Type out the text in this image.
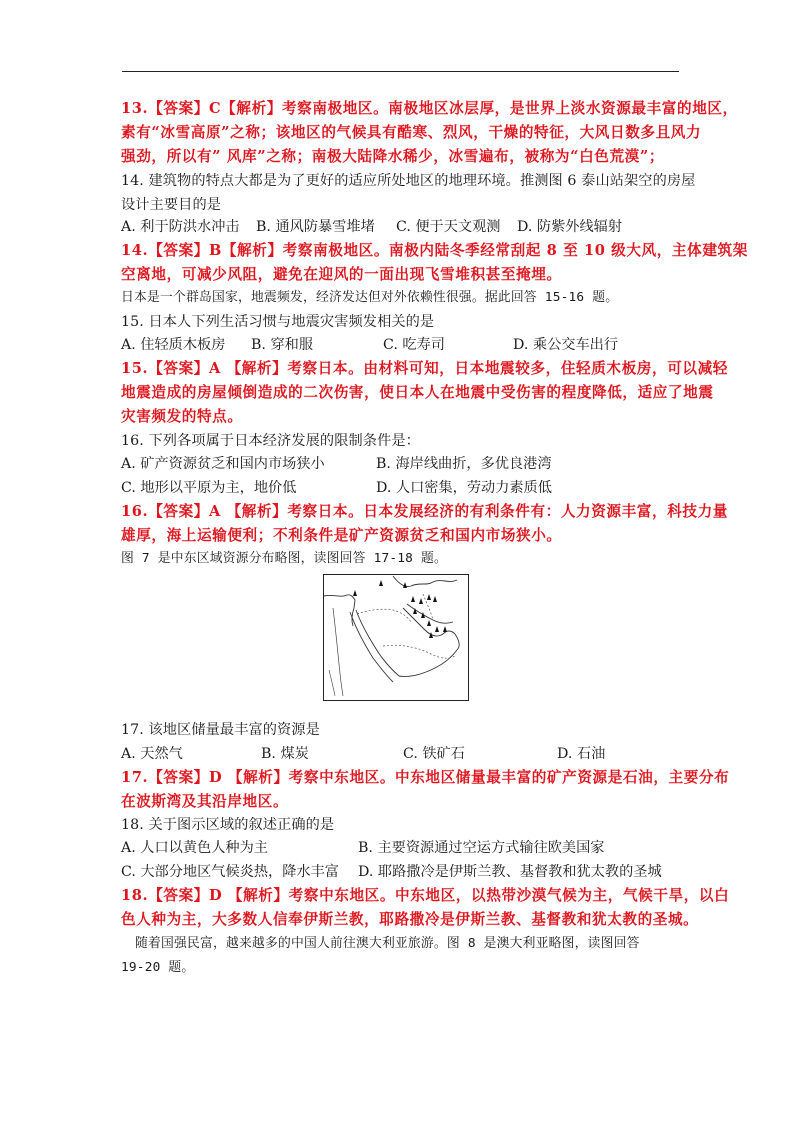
13.【答案】C【解析】考察南极地区。南极地区冰层厚，是世界上淡水资源最丰富的地区，
素有“冰雪高原”之称；该地区的气候具有酷寒、烈风，干燥的特征，大风日数多且风力
强劲，所以有” 风库”之称；南极大陆降水稀少，冰雪遍布，被称为“白色荒漠”；
14. 建筑物的特点大都是为了更好的适应所处地区的地理环境。推测图 6 泰山站架空的房屋
设计主要目的是
A. 利于防洪水冲击	B. 通风防暴雪堆堵	C. 便于天文观测	D. 防紫外线辐射
14.【答案】B【解析】考察南极地区。南极内陆冬季经常刮起 8 至 10 级大风，主体建筑架
空离地，可减少风阻，避免在迎风的一面出现飞雪堆积甚至掩埋。
日本是一个群岛国家，地震频发，经济发达但对外依赖性很强。据此回答 15-16 题。
15. 日本人下列生活习惯与地震灾害频发相关的是
A. 住轻质木板房	B. 穿和服	C. 吃寿司	D. 乘公交车出行
15.【答案】A 【解析】考察日本。由材料可知，日本地震较多，住轻质木板房，可以减轻
地震造成的房屋倾倒造成的二次伤害，使日本人在地震中受伤害的程度降低，适应了地震
灾害频发的特点。
16. 下列各项属于日本经济发展的限制条件是：
A. 矿产资源贫乏和国内市场狭小	B. 海岸线曲折，多优良港湾
C. 地形以平原为主，地价低	D. 人口密集，劳动力素质低
16.【答案】A 【解析】考察日本。日本发展经济的有利条件有：人力资源丰富，科技力量
雄厚，海上运输便利；不利条件是矿产资源贫乏和国内市场狭小。
图 7 是中东区域资源分布略图，读图回答 17-18 题。
17. 该地区储量最丰富的资源是
A. 天然气	B. 煤炭	C. 铁矿石	D. 石油
17.【答案】D 【解析】考察中东地区。中东地区储量最丰富的矿产资源是石油，主要分布
在波斯湾及其沿岸地区。
18. 关于图示区域的叙述正确的是
A. 人口以黄色人种为主	B. 主要资源通过空运方式输往欧美国家
C. 大部分地区气候炎热，降水丰富	D. 耶路撒冷是伊斯兰教、基督教和犹太教的圣城
18.【答案】D 【解析】考察中东地区。中东地区，以热带沙漠气候为主，气候干旱，以白
色人种为主，大多数人信奉伊斯兰教，耶路撒冷是伊斯兰教、基督教和犹太教的圣城。
随着国强民富，越来越多的中国人前往澳大利亚旅游。图 8 是澳大利亚略图，读图回答
19-20 题。
